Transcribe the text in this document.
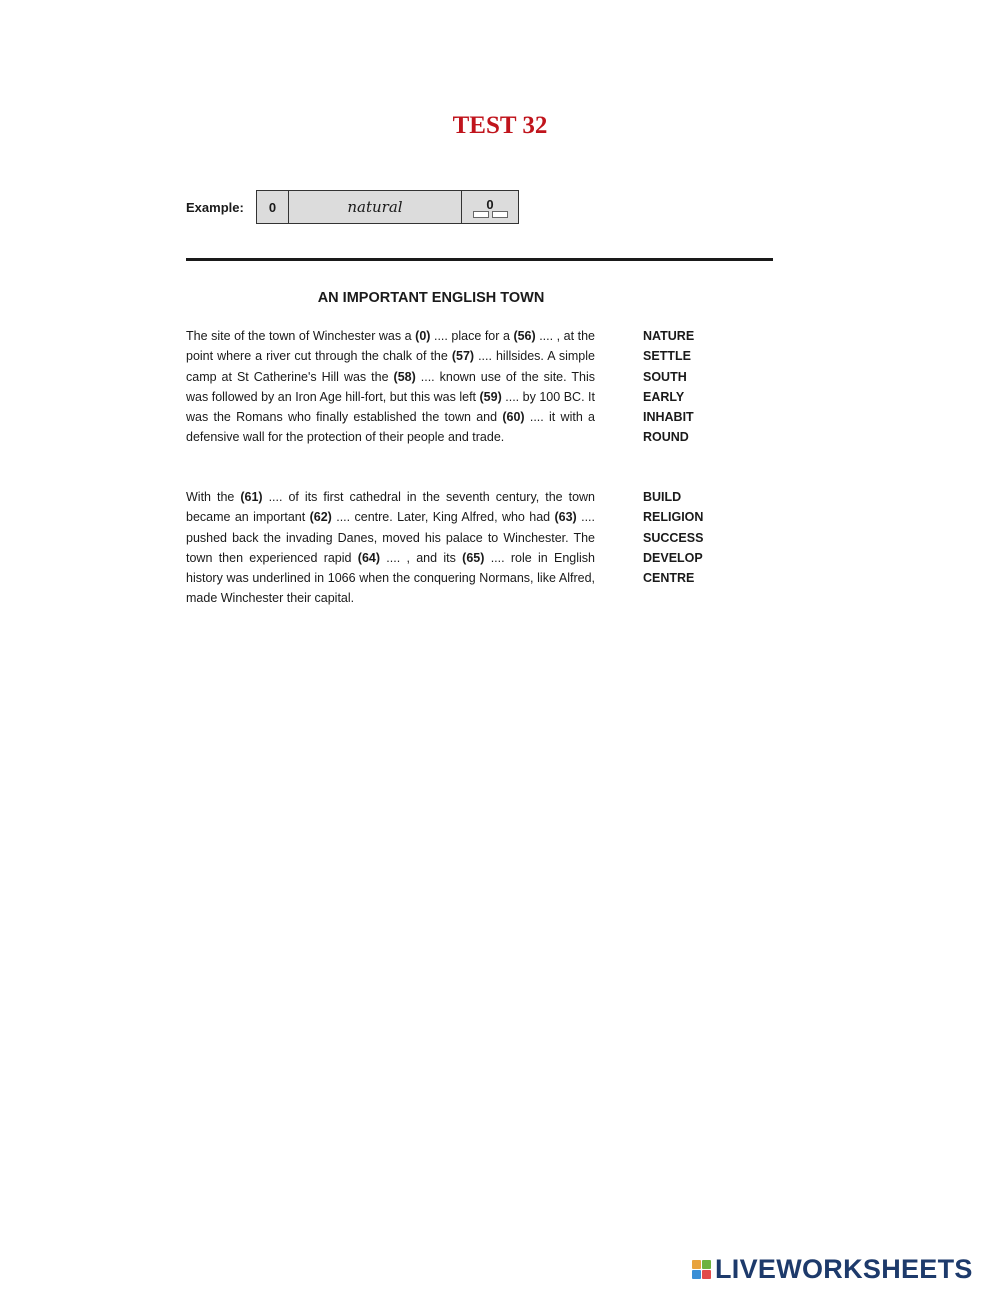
TEST 32
Example:	0	natural	0
AN IMPORTANT ENGLISH TOWN
The site of the town of Winchester was a (0) .... place for a (56) .... , at the point where a river cut through the chalk of the (57) .... hillsides. A simple camp at St Catherine's Hill was the (58) .... known use of the site. This was followed by an Iron Age hill-fort, but this was left (59) .... by 100 BC. It was the Romans who finally established the town and (60) .... it with a defensive wall for the protection of their people and trade.
NATURE
SETTLE
SOUTH
EARLY
INHABIT
ROUND
With the (61) .... of its first cathedral in the seventh century, the town became an important (62) .... centre. Later, King Alfred, who had (63) .... pushed back the invading Danes, moved his palace to Winchester. The town then experienced rapid (64) .... , and its (65) .... role in English history was underlined in 1066 when the conquering Normans, like Alfred, made Winchester their capital.
BUILD
RELIGION
SUCCESS
DEVELOP
CENTRE
LIVEWORKSHEETS
